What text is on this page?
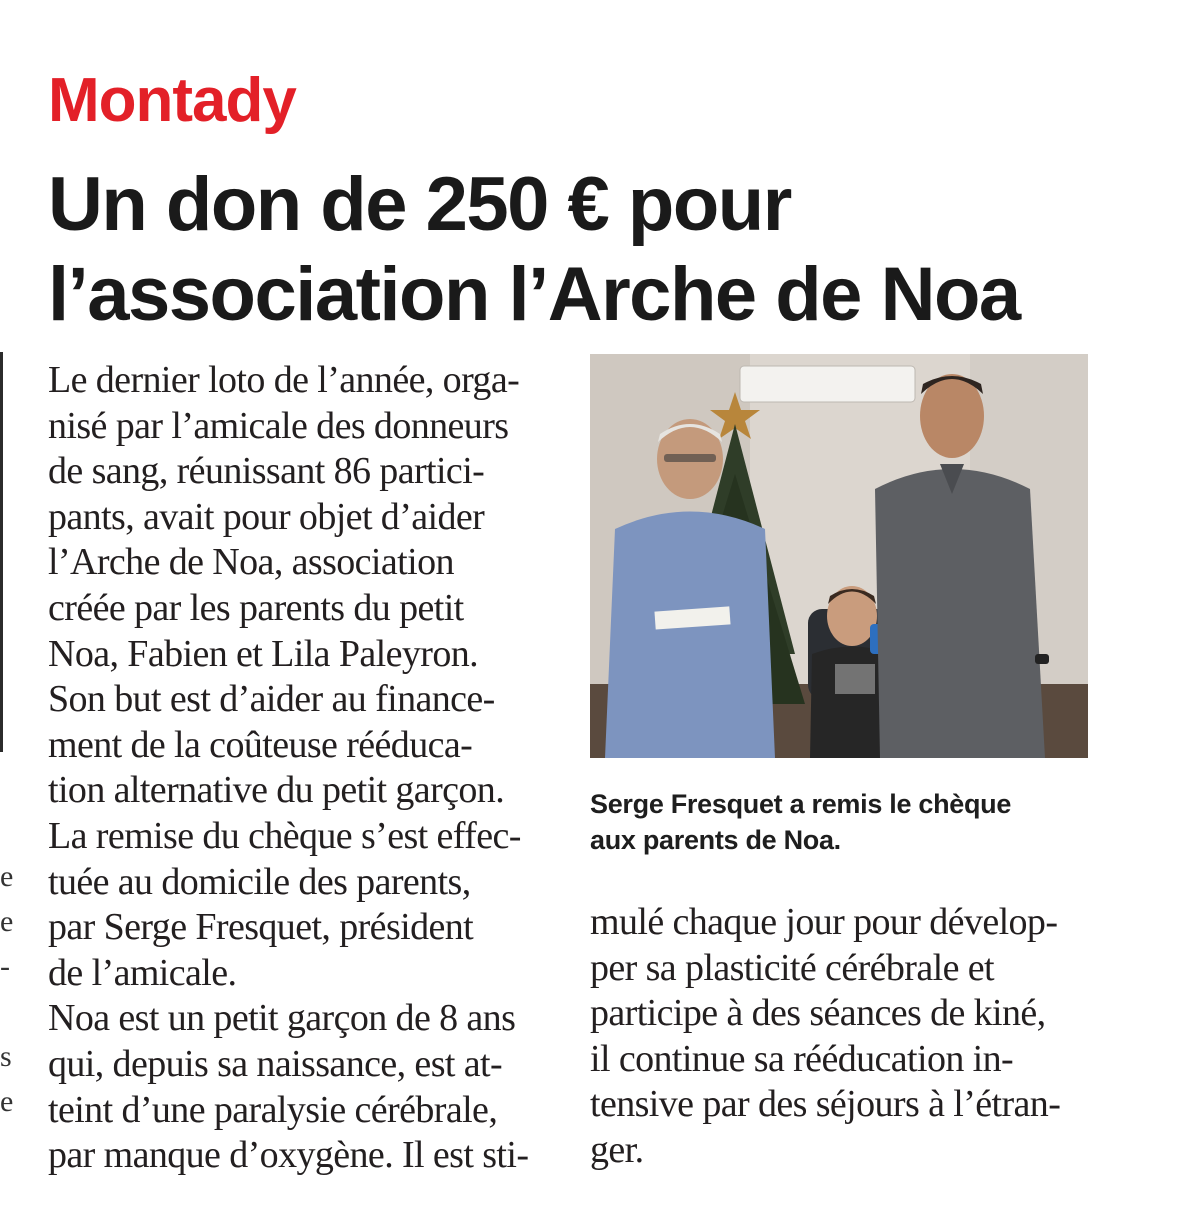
e
e
-
s
e
Montady
Un don de 250 € pour
l’association l’Arche de Noa
Le dernier loto de l’année, orga-
nisé par l’amicale des donneurs
de sang, réunissant 86 partici-
pants, avait pour objet d’aider
l’Arche de Noa, association
créée par les parents du petit
Noa, Fabien et Lila Paleyron.
Son but est d’aider au finance-
ment de la coûteuse rééduca-
tion alternative du petit garçon.
La remise du chèque s’est effec-
tuée au domicile des parents,
par Serge Fresquet, président
de l’amicale.
Noa est un petit garçon de 8 ans
qui, depuis sa naissance, est at-
teint d’une paralysie cérébrale,
par manque d’oxygène. Il est sti-
Serge Fresquet a remis le chèque
aux parents de Noa.
mulé chaque jour pour dévelop-
per sa plasticité cérébrale et
participe à des séances de kiné,
il continue sa rééducation in-
tensive par des séjours à l’étran-
ger.
